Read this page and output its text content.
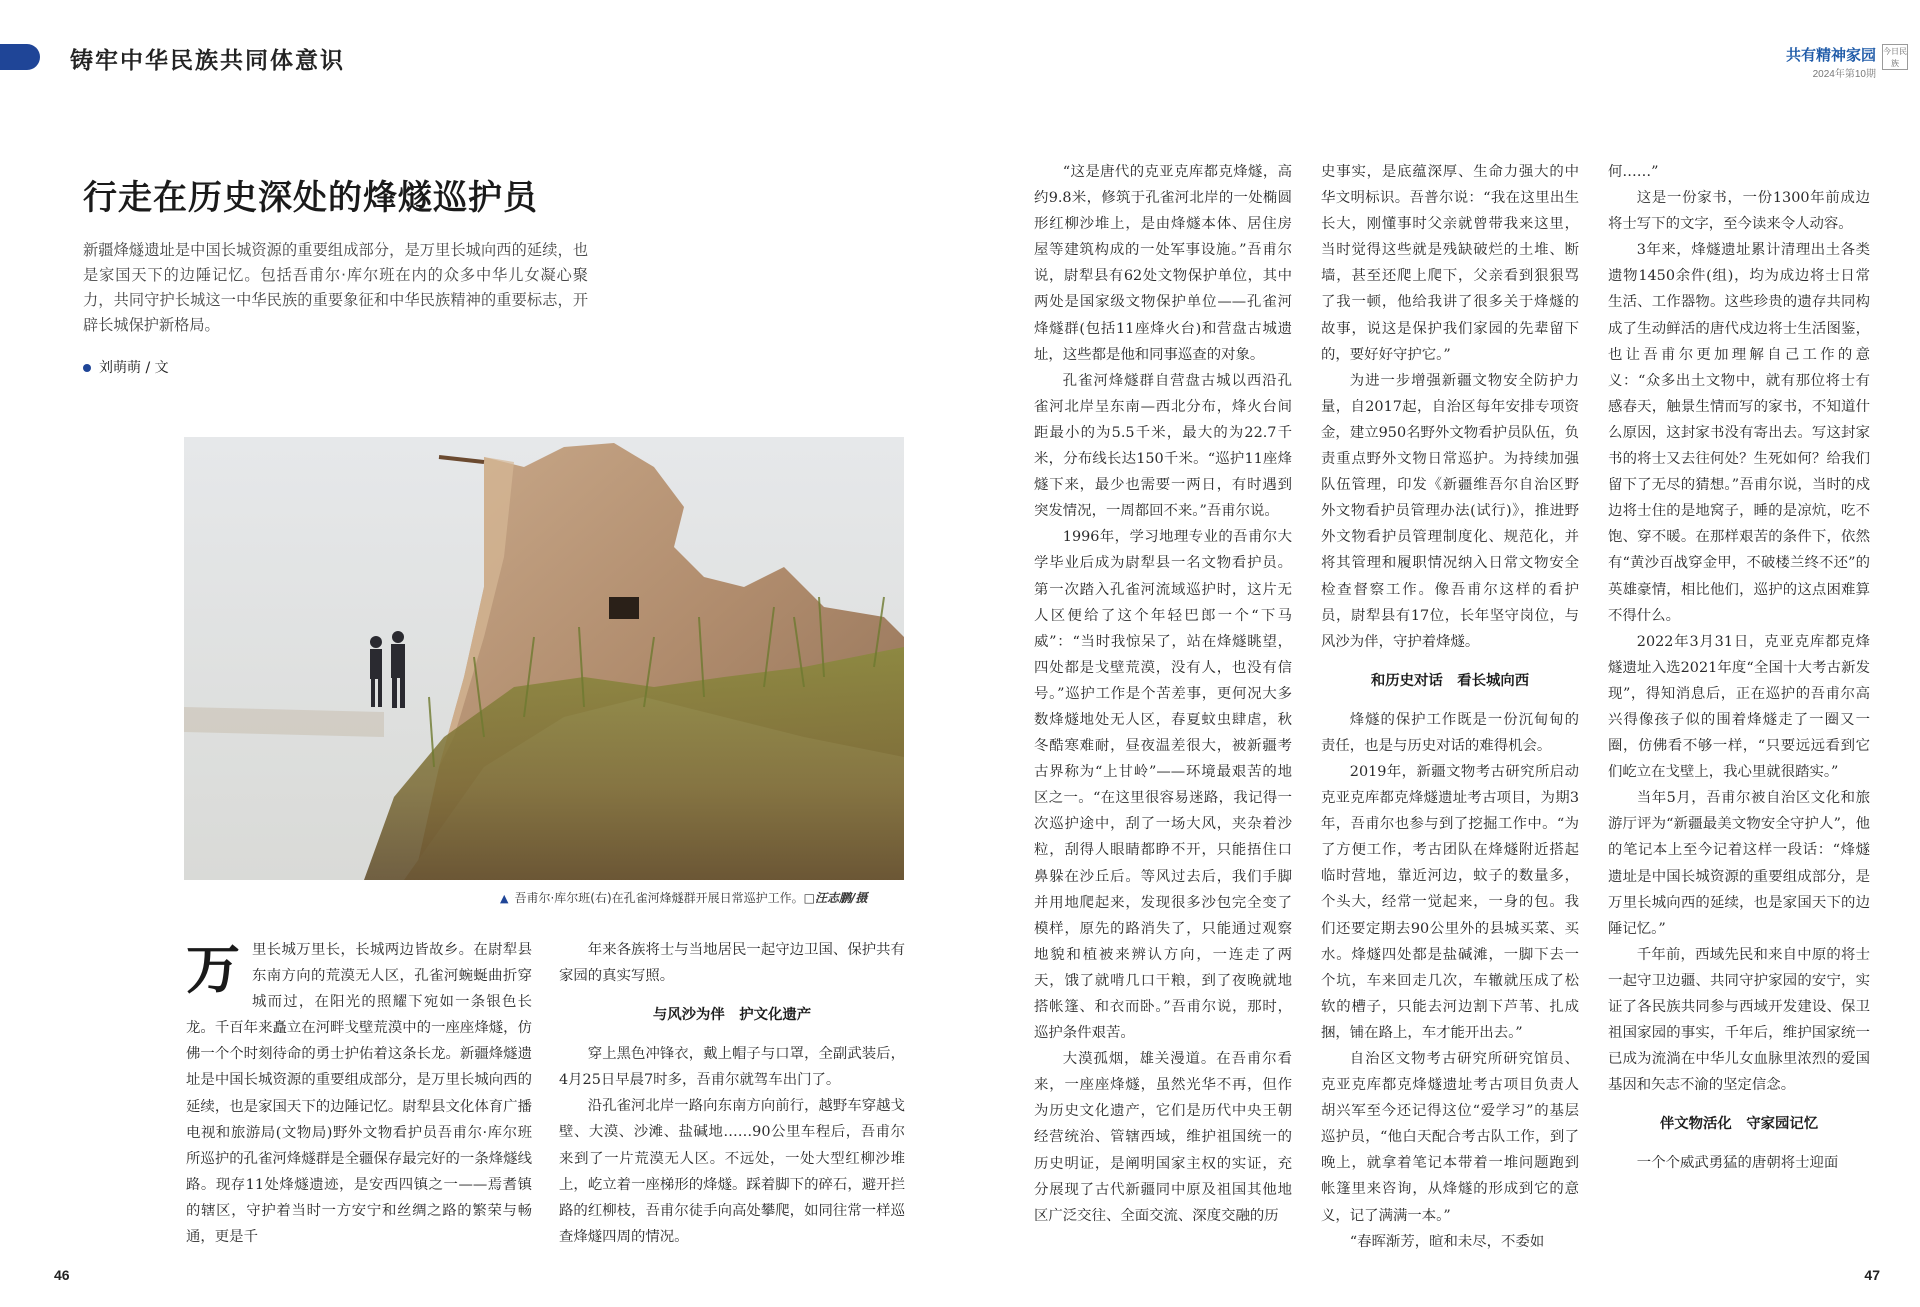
铸牢中华民族共同体意识	共有精神家园
2024年第10期
今日民族
行走在历史深处的烽燧巡护员
新疆烽燧遗址是中国长城资源的重要组成部分，是万里长城向西的延续，也是家国天下的边陲记忆。包括吾甫尔·库尔班在内的众多中华儿女凝心聚力，共同守护长城这一中华民族的重要象征和中华民族精神的重要标志，开辟长城保护新格局。
刘萌萌 / 文
▲ 吾甫尔·库尔班(右)在孔雀河烽燧群开展日常巡护工作。□汪志鹏/摄
万 里长城万里长，长城两边皆故乡。在尉犁县东南方向的荒漠无人区，孔雀河蜿蜒曲折穿城而过，在阳光的照耀下宛如一条银色长龙。千百年来矗立在河畔戈壁荒漠中的一座座烽燧，仿佛一个个时刻待命的勇士护佑着这条长龙。新疆烽燧遗址是中国长城资源的重要组成部分，是万里长城向西的延续，也是家国天下的边陲记忆。尉犁县文化体育广播电视和旅游局(文物局)野外文物看护员吾甫尔·库尔班所巡护的孔雀河烽燧群是全疆保存最完好的一条烽燧线路。现存11处烽燧遗迹，是安西四镇之一——焉耆镇的辖区，守护着当时一方安宁和丝绸之路的繁荣与畅通，更是千

年来各族将士与当地居民一起守边卫国、保护共有家园的真实写照。

与风沙为伴　护文化遗产

穿上黑色冲锋衣，戴上帽子与口罩，全副武装后，4月25日早晨7时多，吾甫尔就驾车出门了。

沿孔雀河北岸一路向东南方向前行，越野车穿越戈壁、大漠、沙滩、盐碱地……90公里车程后，吾甫尔来到了一片荒漠无人区。不远处，一处大型红柳沙堆上，屹立着一座梯形的烽燧。踩着脚下的碎石，避开拦路的红柳枝，吾甫尔徒手向高处攀爬，如同往常一样巡查烽燧四周的情况。

“这是唐代的克亚克库都克烽燧，高约9.8米，修筑于孔雀河北岸的一处椭圆形红柳沙堆上，是由烽燧本体、居住房屋等建筑构成的一处军事设施。”吾甫尔说，尉犁县有62处文物保护单位，其中两处是国家级文物保护单位——孔雀河烽燧群(包括11座烽火台)和营盘古城遗址，这些都是他和同事巡查的对象。

孔雀河烽燧群自营盘古城以西沿孔雀河北岸呈东南—西北分布，烽火台间距最小的为5.5千米，最大的为22.7千米，分布线长达150千米。“巡护11座烽燧下来，最少也需要一两日，有时遇到突发情况，一周都回不来。”吾甫尔说。

1996年，学习地理专业的吾甫尔大学毕业后成为尉犁县一名文物看护员。第一次踏入孔雀河流域巡护时，这片无人区便给了这个年轻巴郎一个“下马威”：“当时我惊呆了，站在烽燧眺望，四处都是戈壁荒漠，没有人，也没有信号。”巡护工作是个苦差事，更何况大多数烽燧地处无人区，春夏蚊虫肆虐，秋冬酷寒难耐，昼夜温差很大，被新疆考古界称为“上甘岭”——环境最艰苦的地区之一。“在这里很容易迷路，我记得一次巡护途中，刮了一场大风，夹杂着沙粒，刮得人眼睛都睁不开，只能捂住口鼻躲在沙丘后。等风过去后，我们手脚并用地爬起来，发现很多沙包完全变了模样，原先的路消失了，只能通过观察地貌和植被来辨认方向，一连走了两天，饿了就啃几口干粮，到了夜晚就地搭帐篷、和衣而卧。”吾甫尔说，那时，巡护条件艰苦。

大漠孤烟，雄关漫道。在吾甫尔看来，一座座烽燧，虽然光华不再，但作为历史文化遗产，它们是历代中央王朝经营统治、管辖西域，维护祖国统一的历史明证，是阐明国家主权的实证，充分展现了古代新疆同中原及祖国其他地区广泛交往、全面交流、深度交融的历

史事实，是底蕴深厚、生命力强大的中华文明标识。吾普尔说：“我在这里出生长大，刚懂事时父亲就曾带我来这里，当时觉得这些就是残缺破烂的土堆、断墙，甚至还爬上爬下，父亲看到狠狠骂了我一顿，他给我讲了很多关于烽燧的故事，说这是保护我们家园的先辈留下的，要好好守护它。”

为进一步增强新疆文物安全防护力量，自2017起，自治区每年安排专项资金，建立950名野外文物看护员队伍，负责重点野外文物日常巡护。为持续加强队伍管理，印发《新疆维吾尔自治区野外文物看护员管理办法(试行)》，推进野外文物看护员管理制度化、规范化，并将其管理和履职情况纳入日常文物安全检查督察工作。像吾甫尔这样的看护员，尉犁县有17位，长年坚守岗位，与风沙为伴，守护着烽燧。

和历史对话　看长城向西

烽燧的保护工作既是一份沉甸甸的责任，也是与历史对话的难得机会。

2019年，新疆文物考古研究所启动克亚克库都克烽燧遗址考古项目，为期3年，吾甫尔也参与到了挖掘工作中。“为了方便工作，考古团队在烽燧附近搭起临时营地，靠近河边，蚊子的数量多，个头大，经常一觉起来，一身的包。我们还要定期去90公里外的县城买菜、买水。烽燧四处都是盐碱滩，一脚下去一个坑，车来回走几次，车辙就压成了松软的槽子，只能去河边割下芦苇、扎成捆，铺在路上，车才能开出去。”

自治区文物考古研究所研究馆员、克亚克库都克烽燧遗址考古项目负责人胡兴军至今还记得这位“爱学习”的基层巡护员，“他白天配合考古队工作，到了晚上，就拿着笔记本带着一堆问题跑到帐篷里来咨询，从烽燧的形成到它的意义，记了满满一本。”

“春晖渐芳，暄和未尽，不委如

何……”

这是一份家书，一份1300年前成边将士写下的文字，至今读来令人动容。

3年来，烽燧遗址累计清理出土各类遗物1450余件(组)，均为成边将士日常生活、工作器物。这些珍贵的遗存共同构成了生动鲜活的唐代戍边将士生活图鉴，也让吾甫尔更加理解自己工作的意义：“众多出土文物中，就有那位将士有感春天，触景生情而写的家书，不知道什么原因，这封家书没有寄出去。写这封家书的将士又去往何处？生死如何？给我们留下了无尽的猜想。”吾甫尔说，当时的戍边将士住的是地窝子，睡的是凉炕，吃不饱、穿不暖。在那样艰苦的条件下，依然有“黄沙百战穿金甲，不破楼兰终不还”的英雄豪情，相比他们，巡护的这点困难算不得什么。

2022年3月31日，克亚克库都克烽燧遗址入选2021年度“全国十大考古新发现”，得知消息后，正在巡护的吾甫尔高兴得像孩子似的围着烽燧走了一圈又一圈，仿佛看不够一样，“只要远远看到它们屹立在戈壁上，我心里就很踏实。”

当年5月，吾甫尔被自治区文化和旅游厅评为“新疆最美文物安全守护人”，他的笔记本上至今记着这样一段话：“烽燧遗址是中国长城资源的重要组成部分，是万里长城向西的延续，也是家国天下的边陲记忆。”

千年前，西域先民和来自中原的将士一起守卫边疆、共同守护家园的安宁，实证了各民族共同参与西域开发建设、保卫祖国家园的事实，千年后，维护国家统一已成为流淌在中华儿女血脉里浓烈的爱国基因和矢志不渝的坚定信念。

伴文物活化　守家园记忆

一个个威武勇猛的唐朝将士迎面

46	47
